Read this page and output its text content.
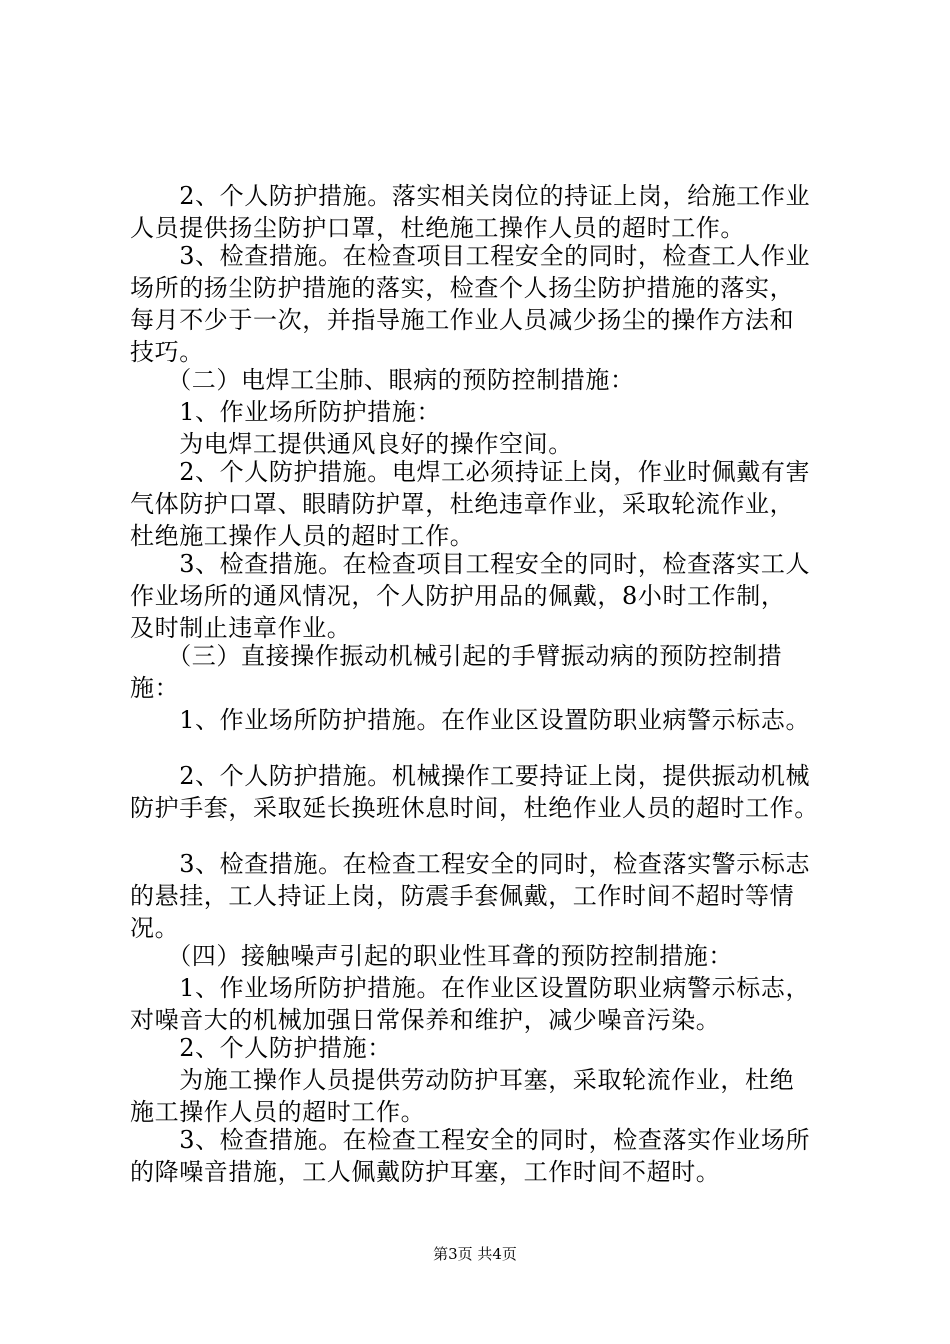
　　2、个人防护措施。落实相关岗位的持证上岗，给施工作业
人员提供扬尘防护口罩，杜绝施工操作人员的超时工作。
　　3、检查措施。在检查项目工程安全的同时，检查工人作业
场所的扬尘防护措施的落实，检查个人扬尘防护措施的落实，
每月不少于一次，并指导施工作业人员减少扬尘的操作方法和
技巧。
　　（二）电焊工尘肺、眼病的预防控制措施：
　　1、作业场所防护措施：
　　为电焊工提供通风良好的操作空间。
　　2、个人防护措施。电焊工必须持证上岗，作业时佩戴有害
气体防护口罩、眼睛防护罩，杜绝违章作业，采取轮流作业，
杜绝施工操作人员的超时工作。
　　3、检查措施。在检查项目工程安全的同时，检查落实工人
作业场所的通风情况，个人防护用品的佩戴，8小时工作制，
及时制止违章作业。
　　（三）直接操作振动机械引起的手臂振动病的预防控制措
施：
　　1、作业场所防护措施。在作业区设置防职业病警示标志。
　　2、个人防护措施。机械操作工要持证上岗，提供振动机械
防护手套，采取延长换班休息时间，杜绝作业人员的超时工作。
　　3、检查措施。在检查工程安全的同时，检查落实警示标志
的悬挂，工人持证上岗，防震手套佩戴，工作时间不超时等情
况。
　　（四）接触噪声引起的职业性耳聋的预防控制措施：
　　1、作业场所防护措施。在作业区设置防职业病警示标志，
对噪音大的机械加强日常保养和维护，减少噪音污染。
　　2、个人防护措施：
　　为施工操作人员提供劳动防护耳塞，采取轮流作业，杜绝
施工操作人员的超时工作。
　　3、检查措施。在检查工程安全的同时，检查落实作业场所
的降噪音措施，工人佩戴防护耳塞，工作时间不超时。
第3页 共4页
